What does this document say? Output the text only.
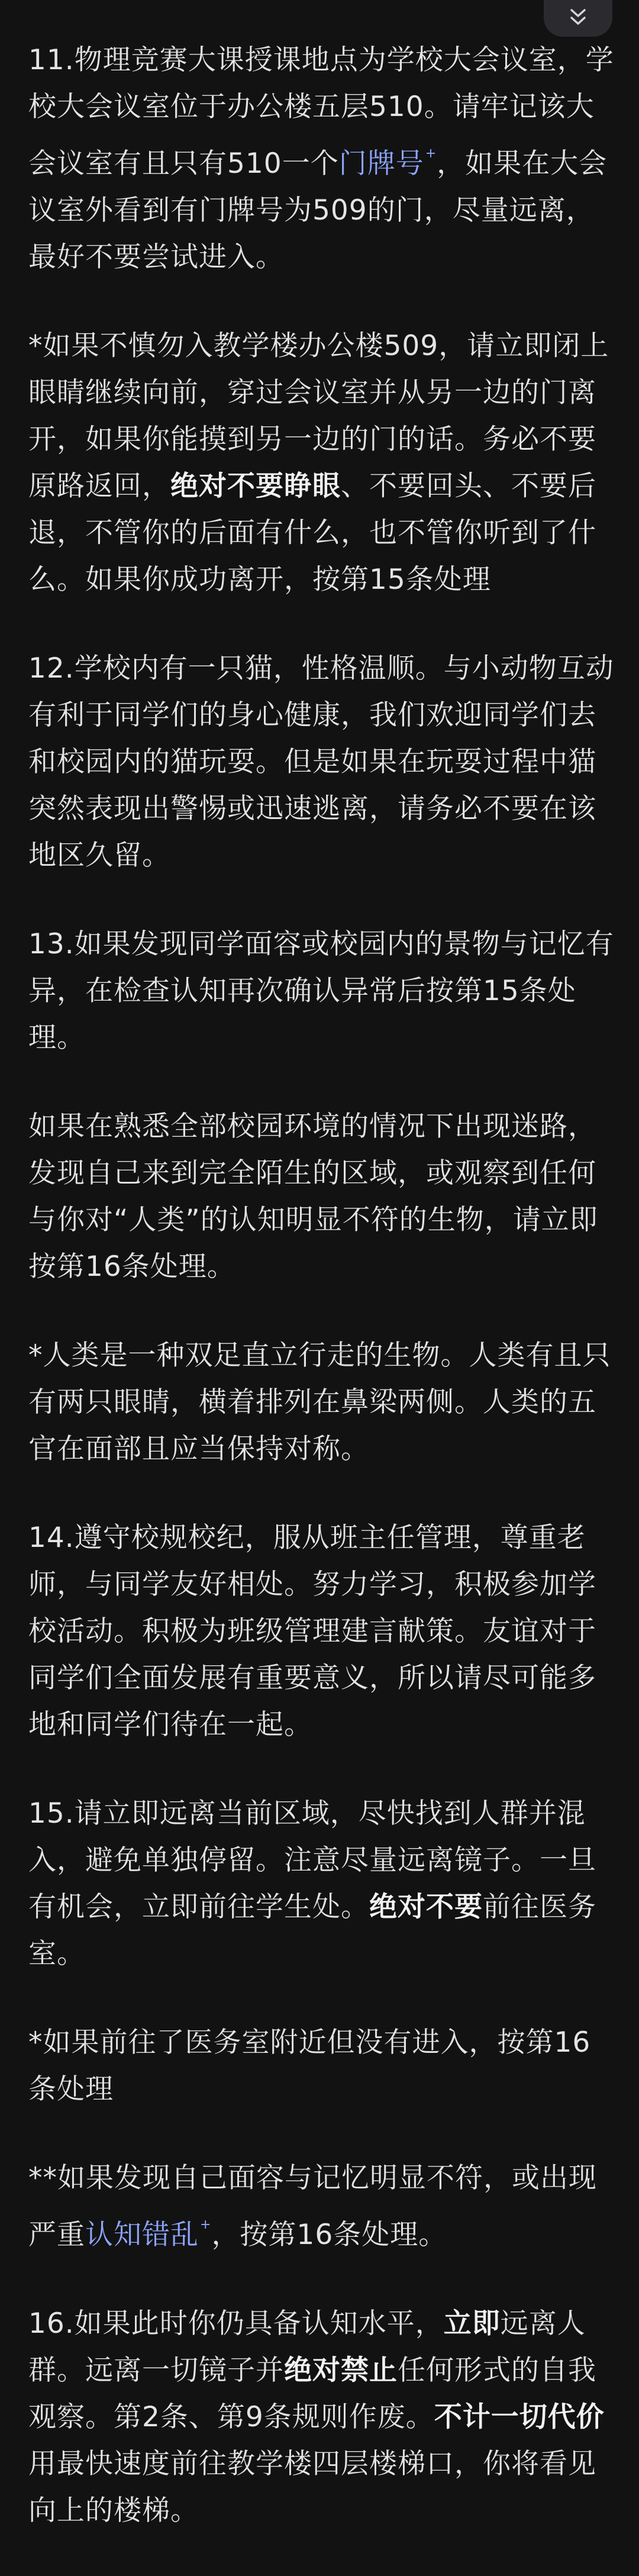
11.物理竞赛大课授课地点为学校大会议室，学校大会议室位于办公楼五层510。请牢记该大会议室有且只有510一个门牌号+，如果在大会议室外看到有门牌号为509的门，尽量远离，最好不要尝试进入。

*如果不慎勿入教学楼办公楼509，请立即闭上眼睛继续向前，穿过会议室并从另一边的门离开，如果你能摸到另一边的门的话。务必不要原路返回，绝对不要睁眼、不要回头、不要后退，不管你的后面有什么，也不管你听到了什么。如果你成功离开，按第15条处理

12.学校内有一只猫，性格温顺。与小动物互动有利于同学们的身心健康，我们欢迎同学们去和校园内的猫玩耍。但是如果在玩耍过程中猫突然表现出警惕或迅速逃离，请务必不要在该地区久留。

13.如果发现同学面容或校园内的景物与记忆有异，在检查认知再次确认异常后按第15条处理。

如果在熟悉全部校园环境的情况下出现迷路，发现自己来到完全陌生的区域，或观察到任何与你对“人类”的认知明显不符的生物，请立即按第16条处理。

*人类是一种双足直立行走的生物。人类有且只有两只眼睛，横着排列在鼻梁两侧。人类的五官在面部且应当保持对称。

14.遵守校规校纪，服从班主任管理，尊重老师，与同学友好相处。努力学习，积极参加学校活动。积极为班级管理建言献策。友谊对于同学们全面发展有重要意义，所以请尽可能多地和同学们待在一起。

15.请立即远离当前区域，尽快找到人群并混入，避免单独停留。注意尽量远离镜子。一旦有机会，立即前往学生处。绝对不要前往医务室。

*如果前往了医务室附近但没有进入，按第16条处理

**如果发现自己面容与记忆明显不符，或出现严重认知错乱+，按第16条处理。

16.如果此时你仍具备认知水平，立即远离人群。远离一切镜子并绝对禁止任何形式的自我观察。第2条、第9条规则作废。不计一切代价用最快速度前往教学楼四层楼梯口，你将看见向上的楼梯。
